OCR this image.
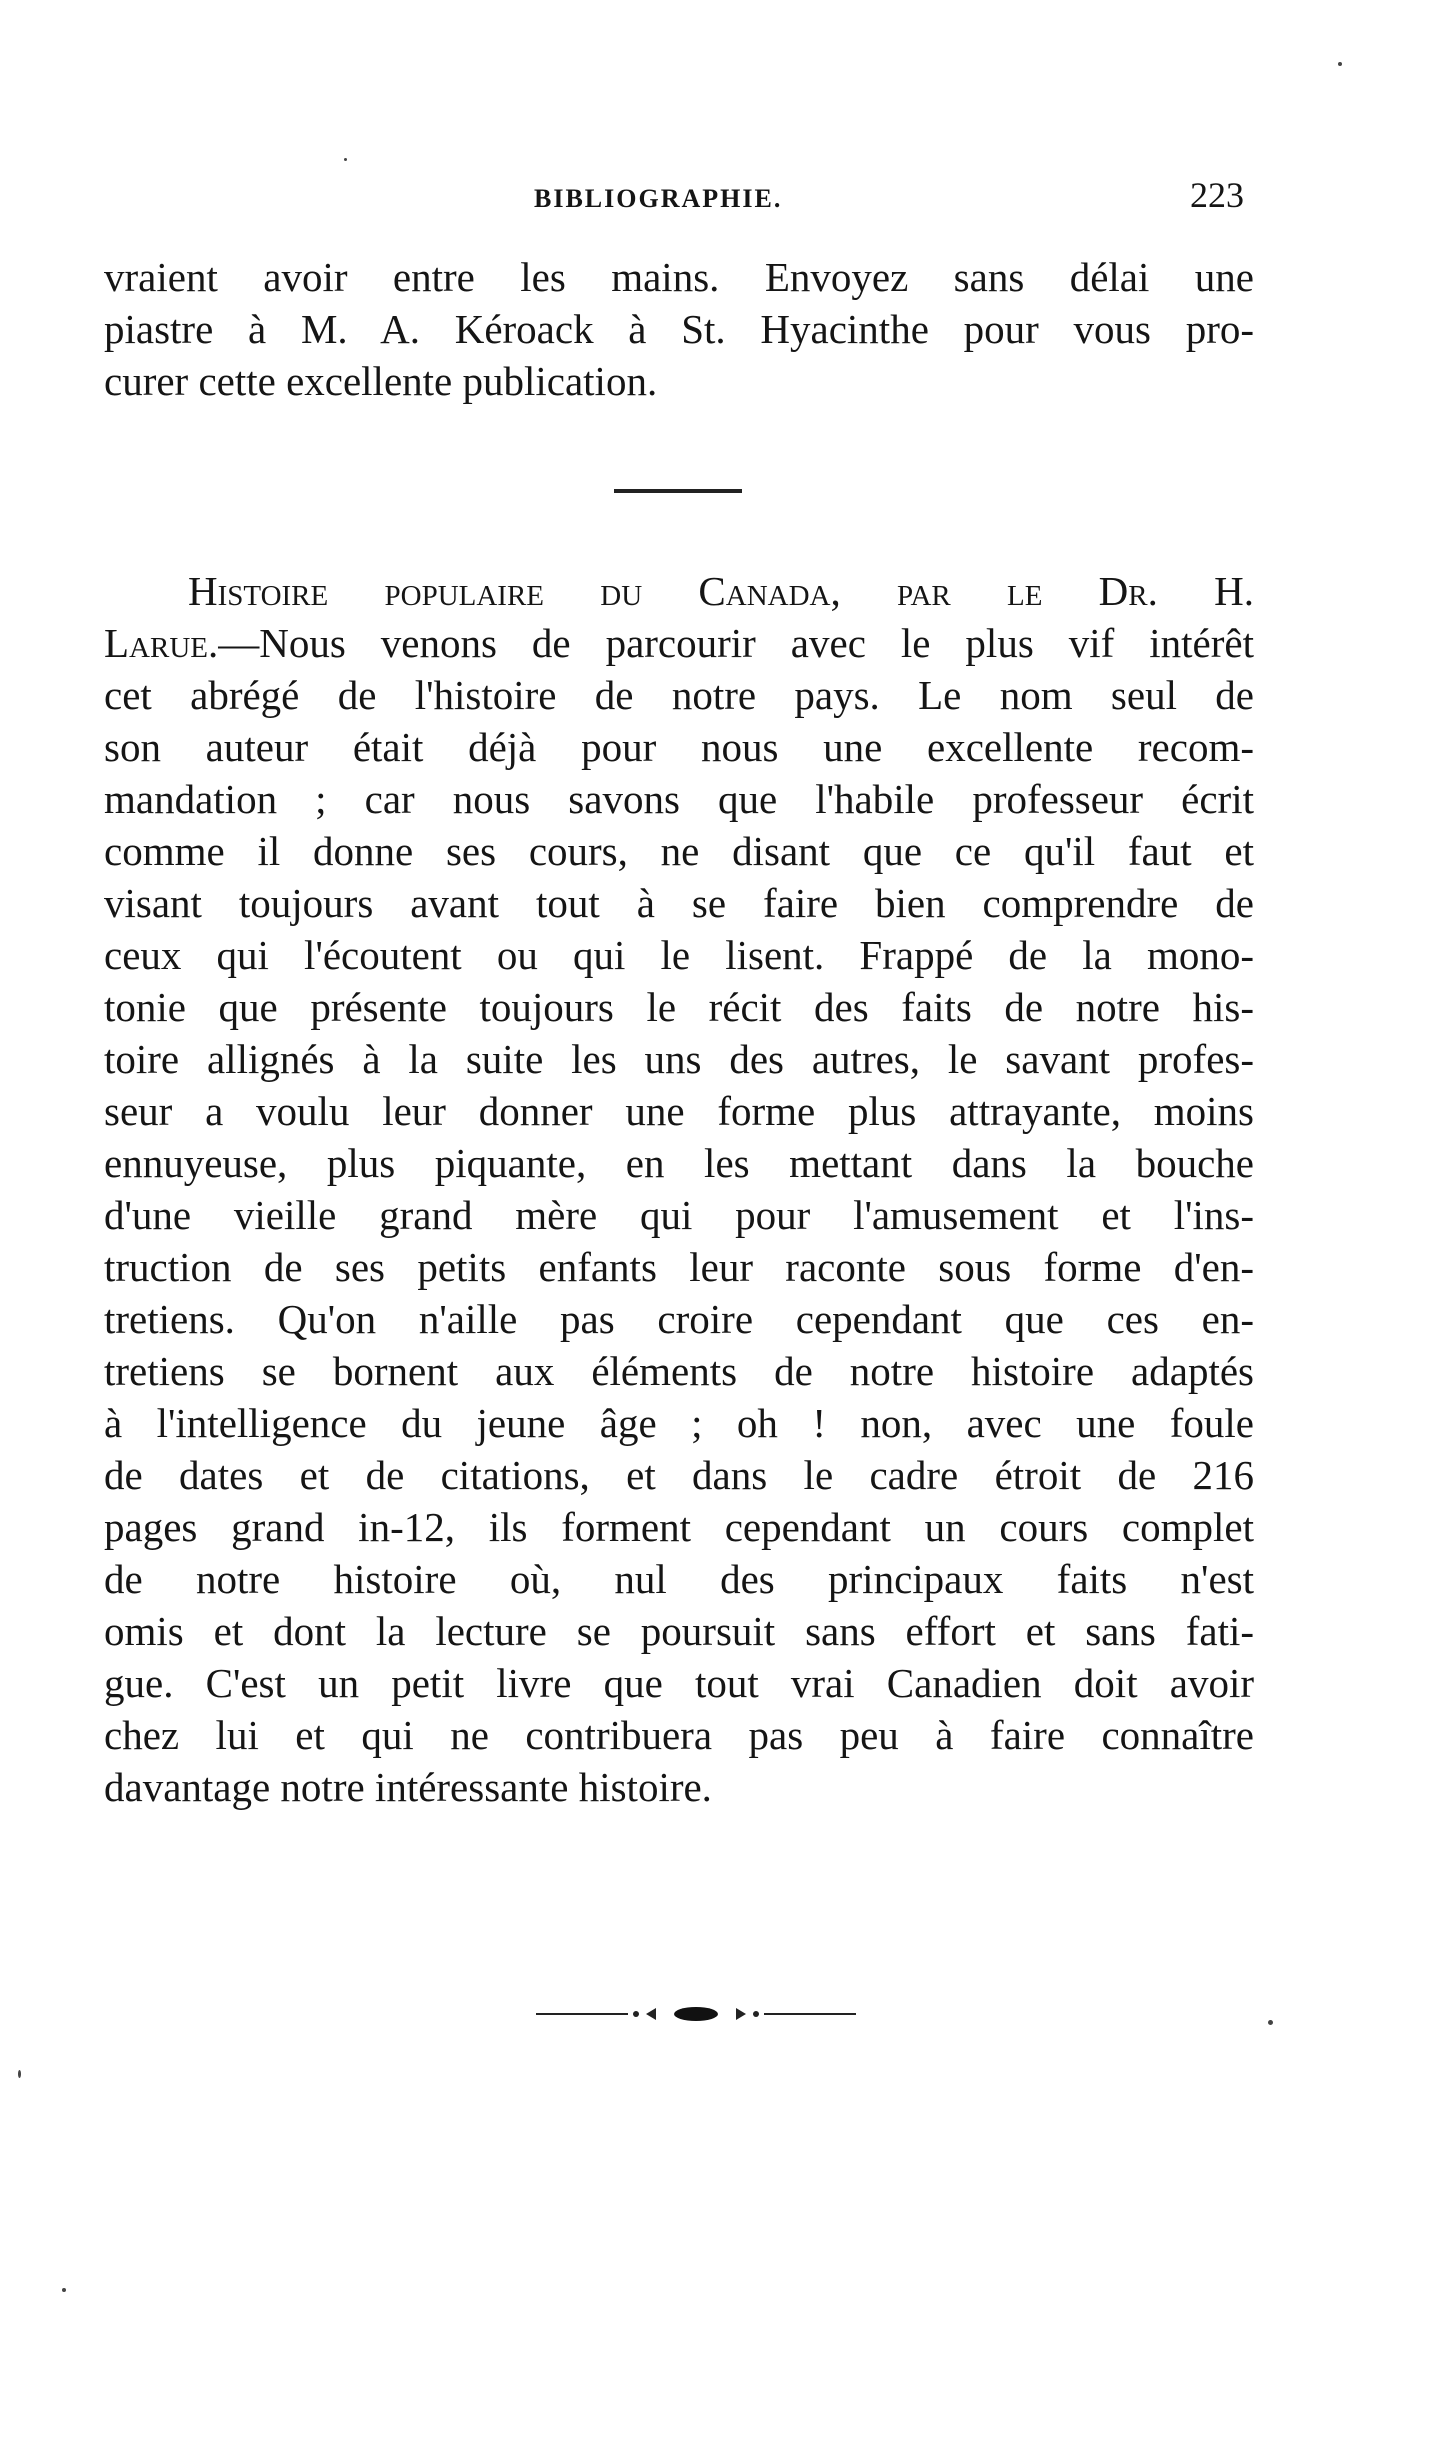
BIBLIOGRAPHIE.	223
vraient avoir entre les mains. Envoyez sans délai une
piastre à M. A. Kéroack à St. Hyacinthe pour vous pro-
curer cette excellente publication.
Histoire populaire du Canada, par le Dr. H.
Larue.—Nous venons de parcourir avec le plus vif intérêt
cet abrégé de l'histoire de notre pays. Le nom seul de
son auteur était déjà pour nous une excellente recom-
mandation ; car nous savons que l'habile professeur écrit
comme il donne ses cours, ne disant que ce qu'il faut et
visant toujours avant tout à se faire bien comprendre de
ceux qui l'écoutent ou qui le lisent. Frappé de la mono-
tonie que présente toujours le récit des faits de notre his-
toire allignés à la suite les uns des autres, le savant profes-
seur a voulu leur donner une forme plus attrayante, moins
ennuyeuse, plus piquante, en les mettant dans la bouche
d'une vieille grand mère qui pour l'amusement et l'ins-
truction de ses petits enfants leur raconte sous forme d'en-
tretiens. Qu'on n'aille pas croire cependant que ces en-
tretiens se bornent aux éléments de notre histoire adaptés
à l'intelligence du jeune âge ; oh ! non, avec une foule
de dates et de citations, et dans le cadre étroit de 216
pages grand in-12, ils forment cependant un cours complet
de notre histoire où, nul des principaux faits n'est
omis et dont la lecture se poursuit sans effort et sans fati-
gue. C'est un petit livre que tout vrai Canadien doit avoir
chez lui et qui ne contribuera pas peu à faire connaître
davantage notre intéressante histoire.
